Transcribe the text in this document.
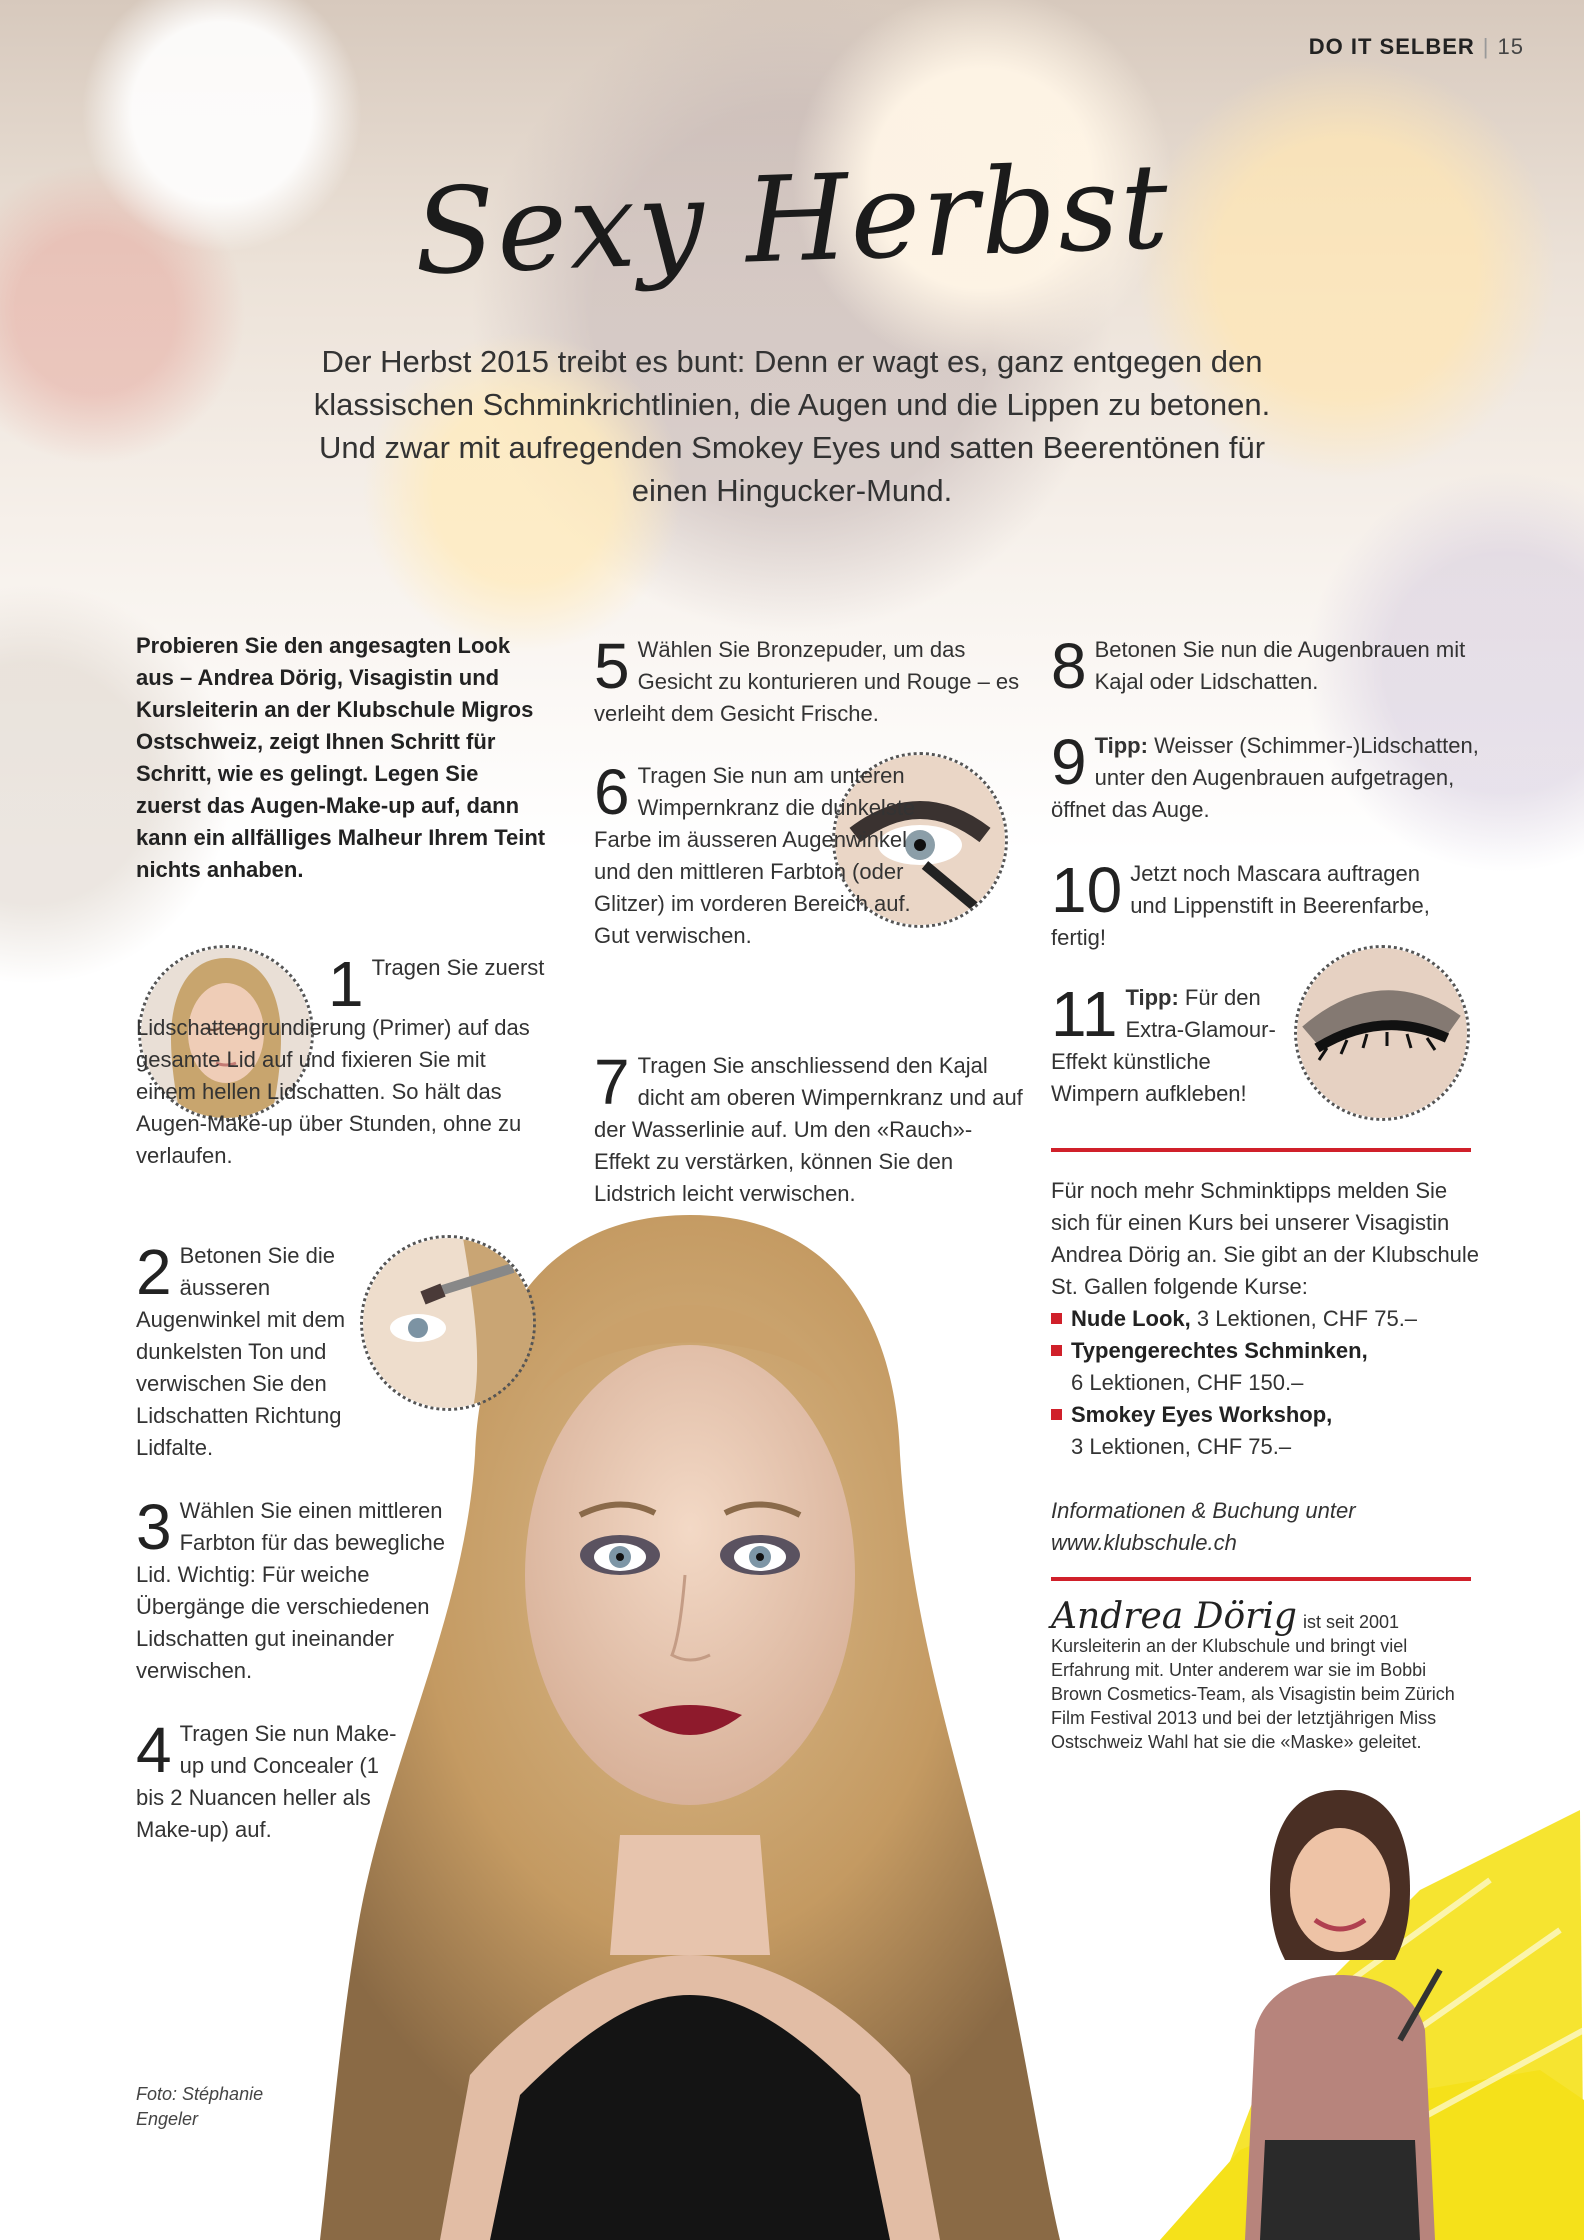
DO IT SELBER | 15
Sexy Herbst
Der Herbst 2015 treibt es bunt: Denn er wagt es, ganz entgegen den klassischen Schminkrichtlinien, die Augen und die Lippen zu betonen. Und zwar mit aufregenden Smokey Eyes und satten Beerentönen für einen Hingucker-Mund.

Probieren Sie den angesagten Look aus – Andrea Dörig, Visagistin und Kursleiterin an der Klubschule Migros Ostschweiz, zeigt Ihnen Schritt für Schritt, wie es gelingt. Legen Sie zuerst das Augen-Make-up auf, dann kann ein allfälliges Malheur Ihrem Teint nichts anhaben.

1 Tragen Sie zuerst Lidschattengrundierung (Primer) auf das gesamte Lid auf und fixieren Sie mit einem hellen Lidschatten. So hält das Augen-Make-up über Stunden, ohne zu verlaufen.

2 Betonen Sie die äusseren Augenwinkel mit dem dunkelsten Ton und verwischen Sie den Lidschatten Richtung Lidfalte.

3 Wählen Sie einen mittleren Farbton für das bewegliche Lid. Wichtig: Für weiche Übergänge die verschiedenen Lidschatten gut ineinander verwischen.

4 Tragen Sie nun Make-up und Concealer (1 bis 2 Nuancen heller als Make-up) auf.

Foto: Stéphanie Engeler
5 Wählen Sie Bronzepuder, um das Gesicht zu konturieren und Rouge – es verleiht dem Gesicht Frische.

6 Tragen Sie nun am unteren Wimpernkranz die dunkelste Farbe im äusseren Augenwinkel und den mittleren Farbton (oder Glitzer) im vorderen Bereich auf. Gut verwischen.

7 Tragen Sie anschliessend den Kajal dicht am oberen Wimpernkranz und auf der Wasserlinie auf. Um den «Rauch»-Effekt zu verstärken, können Sie den Lidstrich leicht verwischen.

8 Betonen Sie nun die Augenbrauen mit Kajal oder Lidschatten.

9 Tipp: Weisser (Schimmer-)Lidschatten, unter den Augenbrauen aufgetragen, öffnet das Auge.

10 Jetzt noch Mascara auftragen und Lippenstift in Beerenfarbe, fertig!

11 Tipp: Für den Extra-Glamour-Effekt künstliche Wimpern aufkleben!

Für noch mehr Schminktipps melden Sie sich für einen Kurs bei unserer Visagistin Andrea Dörig an. Sie gibt an der Klubschule St. Gallen folgende Kurse:

Nude Look, 3 Lektionen, CHF 75.–
Typengerechtes Schminken,
6 Lektionen, CHF 150.–
Smokey Eyes Workshop,
3 Lektionen, CHF 75.–

Informationen & Buchung unter www.klubschule.ch

Andrea Dörig ist seit 2001 Kursleiterin an der Klubschule und bringt viel Erfahrung mit. Unter anderem war sie im Bobbi Brown Cosmetics-Team, als Visagistin beim Zürich Film Festival 2013 und bei der letztjährigen Miss Ostschweiz Wahl hat sie die «Maske» geleitet.
